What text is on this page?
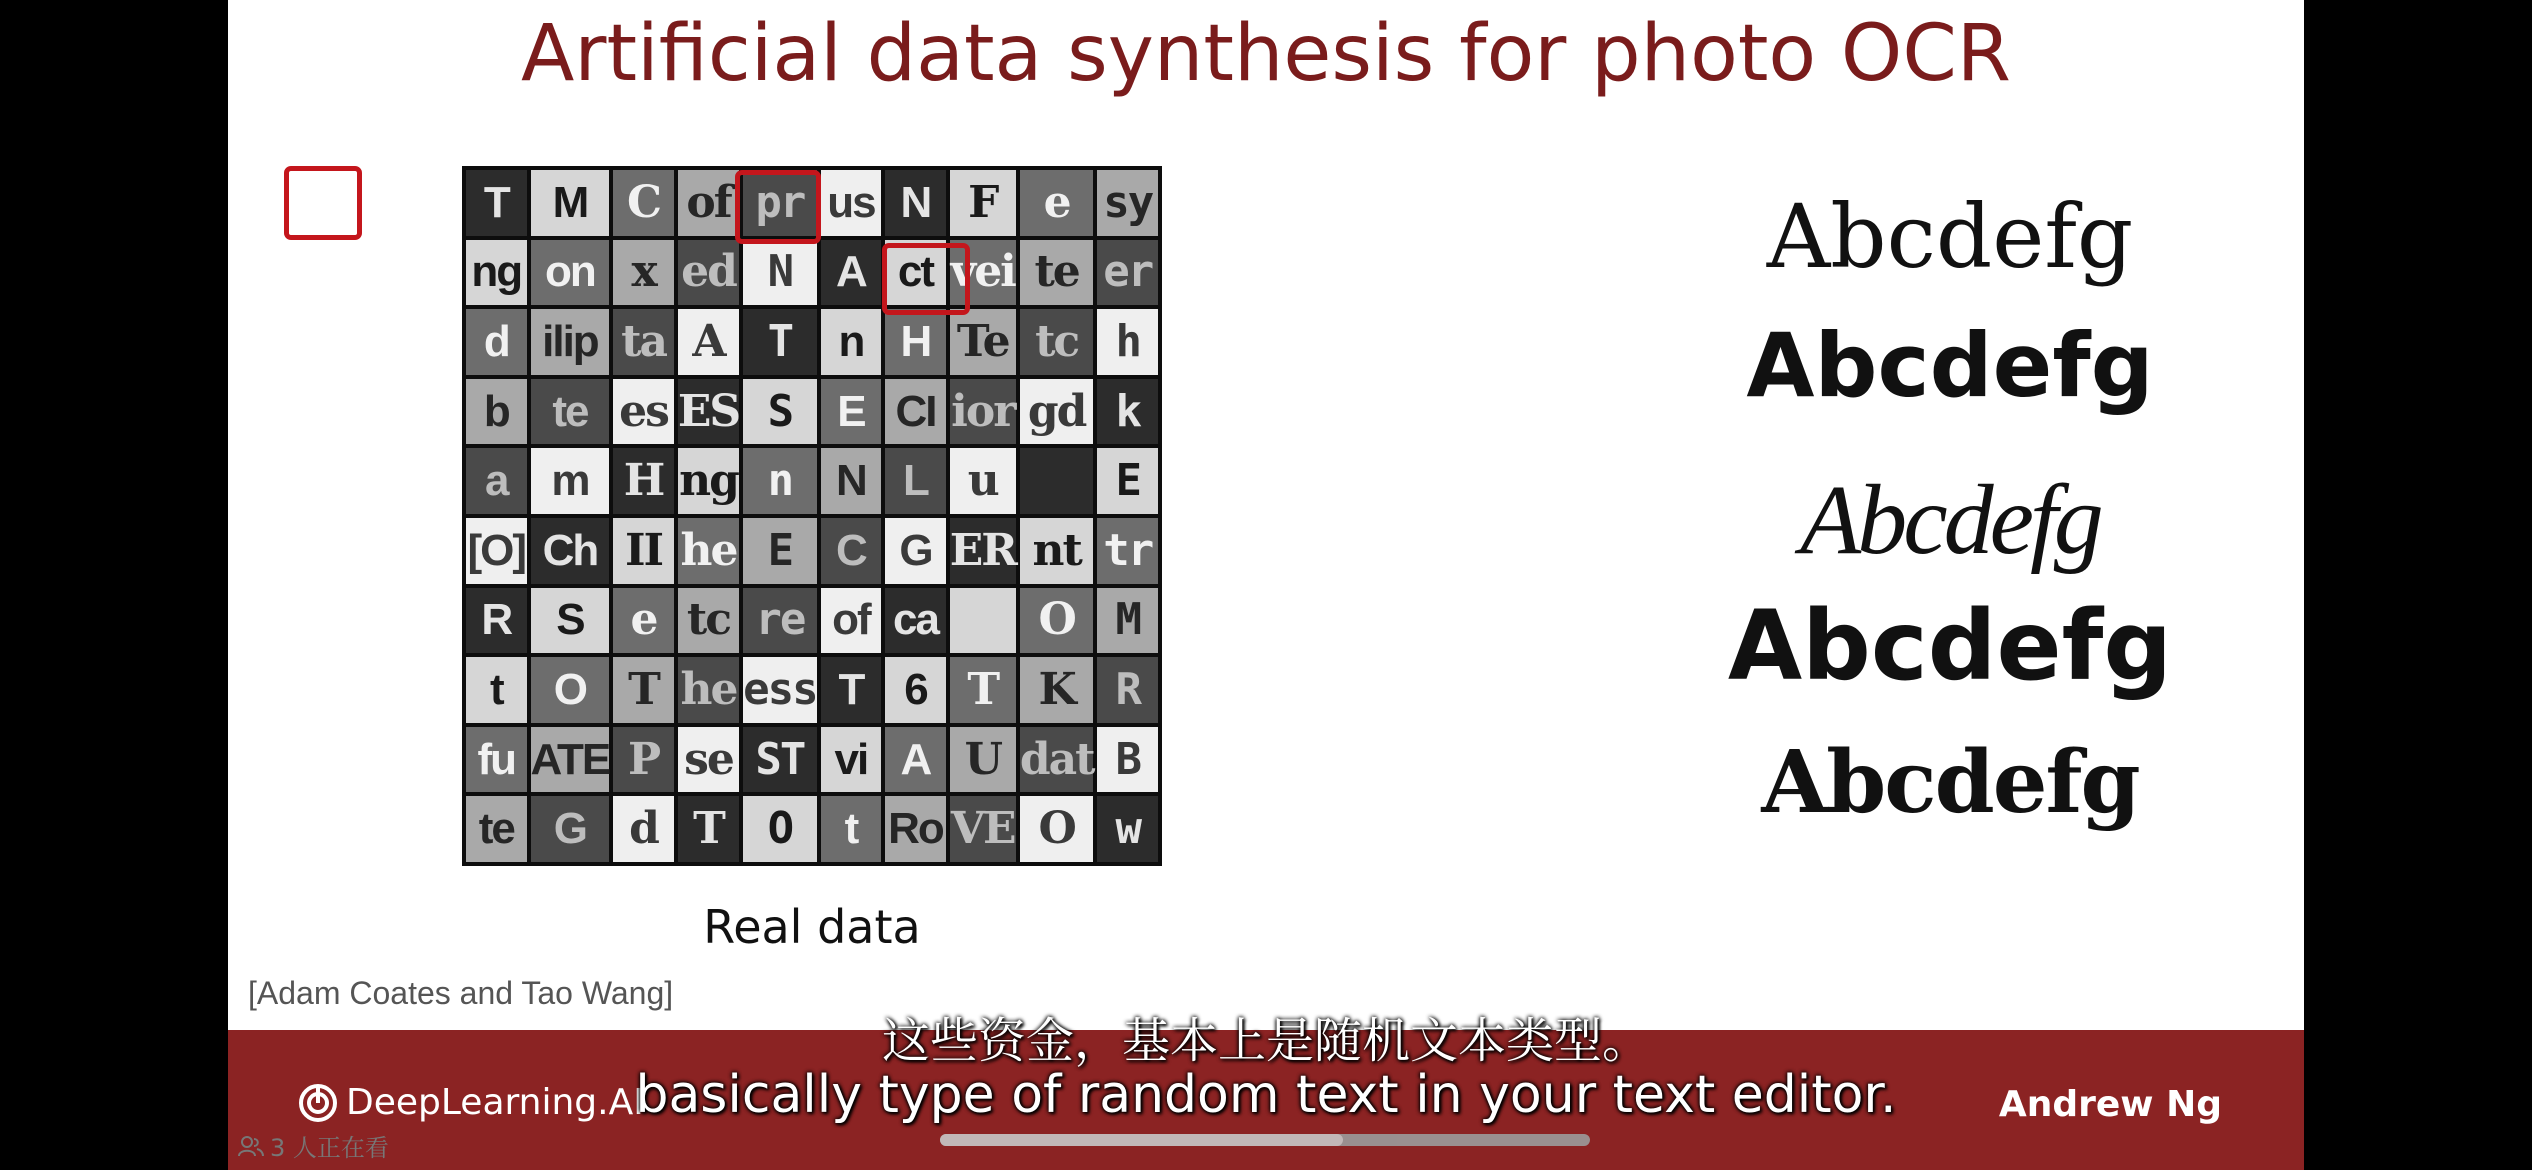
Artificial data synthesis for photo OCR
T M C of pr us N F	e sy
ng on x ed N A ct vei te er
d ilip ta A T	n H Te tc h
b te es ES S	E CI ior gd k
a m H ng n N L u	E
[O] Ch II he E C G ER nt tr
R	S	e tc re of ca	O M
t	O T he ess T 6 T K R
fu ATE P se ST vi A U dat B
te G d T O	t Ro VE O w
Real data
[Adam Coates and Tao Wang]
Abcdefg
Abcdefg
Abcdefg
Abcdefg
Abcdefg
DeepLearning.AI	Andrew Ng
这些资金，基本上是随机文本类型。
basically type of random text in your text editor.
3 人正在看
